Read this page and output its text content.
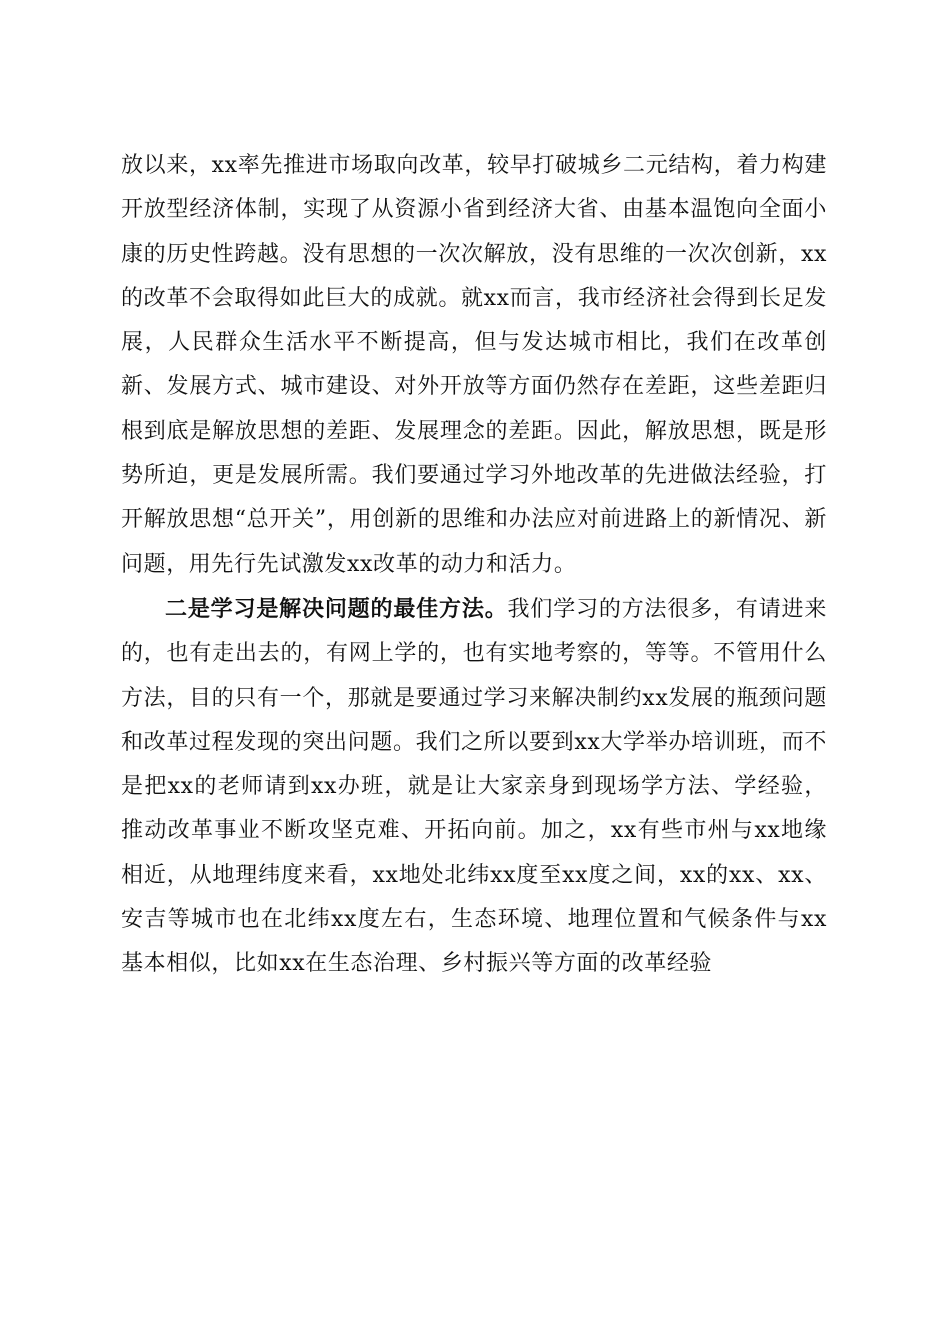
放以来，xx率先推进市场取向改革，较早打破城乡二元结构，着力构建开放型经济体制，实现了从资源小省到经济大省、由基本温饱向全面小康的历史性跨越。没有思想的一次次解放，没有思维的一次次创新，xx的改革不会取得如此巨大的成就。就xx而言，我市经济社会得到长足发展，人民群众生活水平不断提高，但与发达城市相比，我们在改革创新、发展方式、城市建设、对外开放等方面仍然存在差距，这些差距归根到底是解放思想的差距、发展理念的差距。因此，解放思想，既是形势所迫，更是发展所需。我们要通过学习外地改革的先进做法经验，打开解放思想“总开关”，用创新的思维和办法应对前进路上的新情况、新问题，用先行先试激发xx改革的动力和活力。

二是学习是解决问题的最佳方法。我们学习的方法很多，有请进来的，也有走出去的，有网上学的，也有实地考察的，等等。不管用什么方法，目的只有一个，那就是要通过学习来解决制约xx发展的瓶颈问题和改革过程发现的突出问题。我们之所以要到xx大学举办培训班，而不是把xx的老师请到xx办班，就是让大家亲身到现场学方法、学经验，推动改革事业不断攻坚克难、开拓向前。加之，xx有些市州与xx地缘相近，从地理纬度来看，xx地处北纬xx度至xx度之间，xx的xx、xx、安吉等城市也在北纬xx度左右，生态环境、地理位置和气候条件与xx基本相似，比如xx在生态治理、乡村振兴等方面的改革经验
